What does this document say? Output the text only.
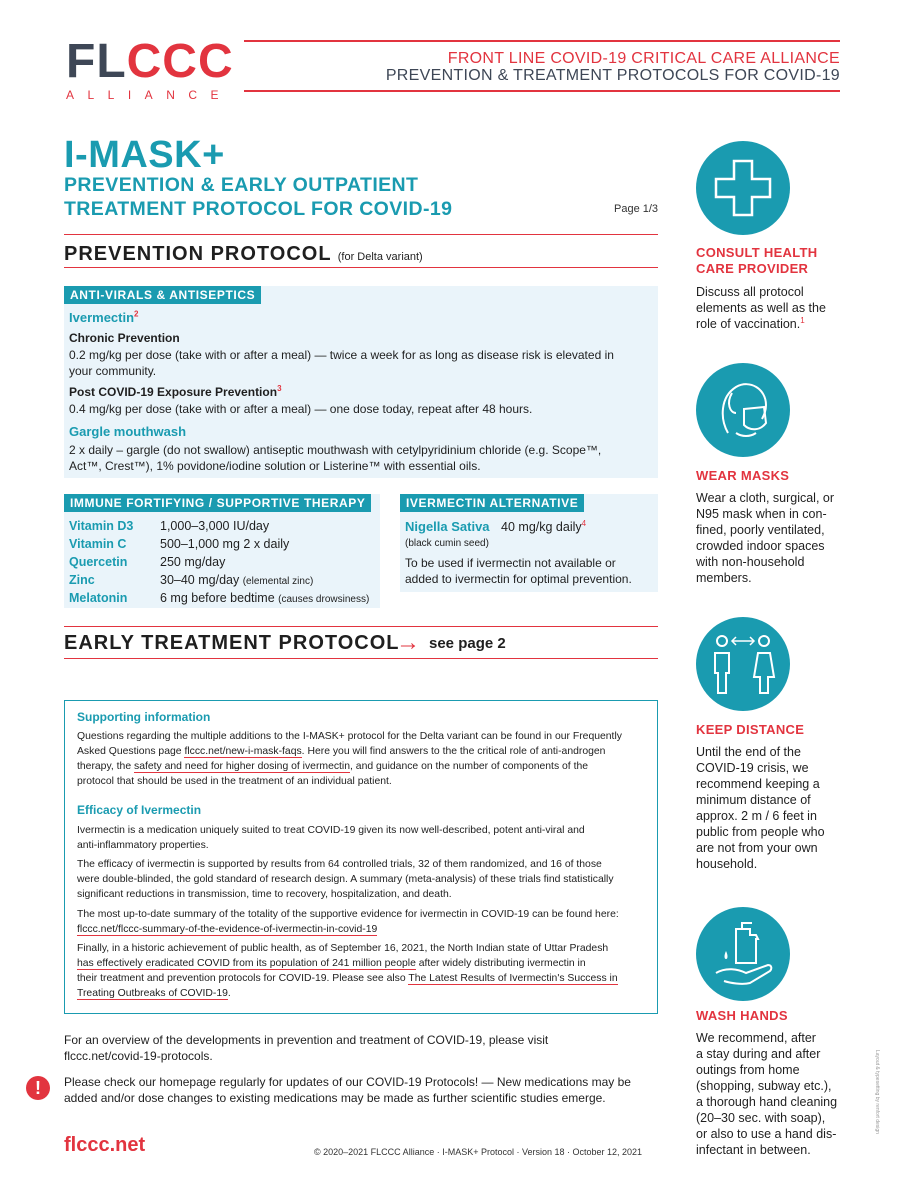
FLCCC
ALLIANCE
FRONT LINE COVID-19 CRITICAL CARE ALLIANCE
PREVENTION & TREATMENT PROTOCOLS FOR COVID-19
I-MASK+
PREVENTION & EARLY OUTPATIENT
TREATMENT PROTOCOL FOR COVID-19	Page 1/3
PREVENTION PROTOCOL (for Delta variant)
ANTI-VIRALS & ANTISEPTICS
Ivermectin$^2$
Chronic Prevention
0.2 mg/kg per dose (take with or after a meal) — twice a week for as long as disease risk is elevated in
your community.
Post COVID-19 Exposure Prevention$^3$
0.4 mg/kg per dose (take with or after a meal) — one dose today, repeat after 48 hours.
Gargle mouthwash
2 x daily – gargle (do not swallow) antiseptic mouthwash with cetylpyridinium chloride (e.g. Scope™,
Act™, Crest™), 1% povidone/iodine solution or Listerine™ with essential oils.
IMMUNE FORTIFYING / SUPPORTIVE THERAPY
Vitamin D3 1,000–3,000 IU/day
Vitamin C	500–1,000 mg 2 x daily
Quercetin	250 mg/day
Zinc	30–40 mg/day (elemental zinc)
Melatonin	6 mg before bedtime (causes drowsiness)
IVERMECTIN ALTERNATIVE
Nigella Sativa 40 mg/kg daily$^4$
(black cumin seed)
To be used if ivermectin not available or
added to ivermectin for optimal prevention.
EARLY TREATMENT PROTOCOL
→ see page 2
Supporting information
Questions regarding the multiple additions to the I-MASK+ protocol for the Delta variant can be found in our Frequently
Asked Questions page flccc.net/new-i-mask-faqs. Here you will find answers to the the critical role of anti-androgen
therapy, the safety and need for higher dosing of ivermectin, and guidance on the number of components of the
protocol that should be used in the treatment of an individual patient.
Efficacy of Ivermectin
Ivermectin is a medication uniquely suited to treat COVID-19 given its now well-described, potent anti-viral and
anti-inflammatory properties.
The efficacy of ivermectin is supported by results from 64 controlled trials, 32 of them randomized, and 16 of those
were double-blinded, the gold standard of research design. A summary (meta-analysis) of these trials find statistically
significant reductions in transmission, time to recovery, hospitalization, and death.
The most up-to-date summary of the totality of the supportive evidence for ivermectin in COVID-19 can be found here:
flccc.net/flccc-summary-of-the-evidence-of-ivermectin-in-covid-19
Finally, in a historic achievement of public health, as of September 16, 2021, the North Indian state of Uttar Pradesh
has effectively eradicated COVID from its population of 241 million people after widely distributing ivermectin in
their treatment and prevention protocols for COVID-19. Please see also The Latest Results of Ivermectin's Success in
Treating Outbreaks of COVID-19.
For an overview of the developments in prevention and treatment of COVID-19, please visit
flccc.net/covid-19-protocols.
!	Please check our homepage regularly for updates of our COVID-19 Protocols! — New medications may be
added and/or dose changes to existing medications may be made as further scientific studies emerge.
flccc.net	© 2020–2021 FLCCC Alliance · I-MASK+ Protocol · Version 18 · October 12, 2021
Layout & typesetting by renfort design
CONSULT HEALTH
CARE PROVIDER
Discuss all protocol
elements as well as the
role of vaccination.$^1$
WEAR MASKS
Wear a cloth, surgical, or
N95 mask when in con-
fined, poorly ventilated,
crowded indoor spaces
with non-household
members.
KEEP DISTANCE
Until the end of the
COVID-19 crisis, we
recommend keeping a
minimum distance of
approx. 2 m / 6 feet in
public from people who
are not from your own
household.
WASH HANDS
We recommend, after
a stay during and after
outings from home
(shopping, subway etc.),
a thorough hand cleaning
(20–30 sec. with soap),
or also to use a hand dis-
infectant in between.
